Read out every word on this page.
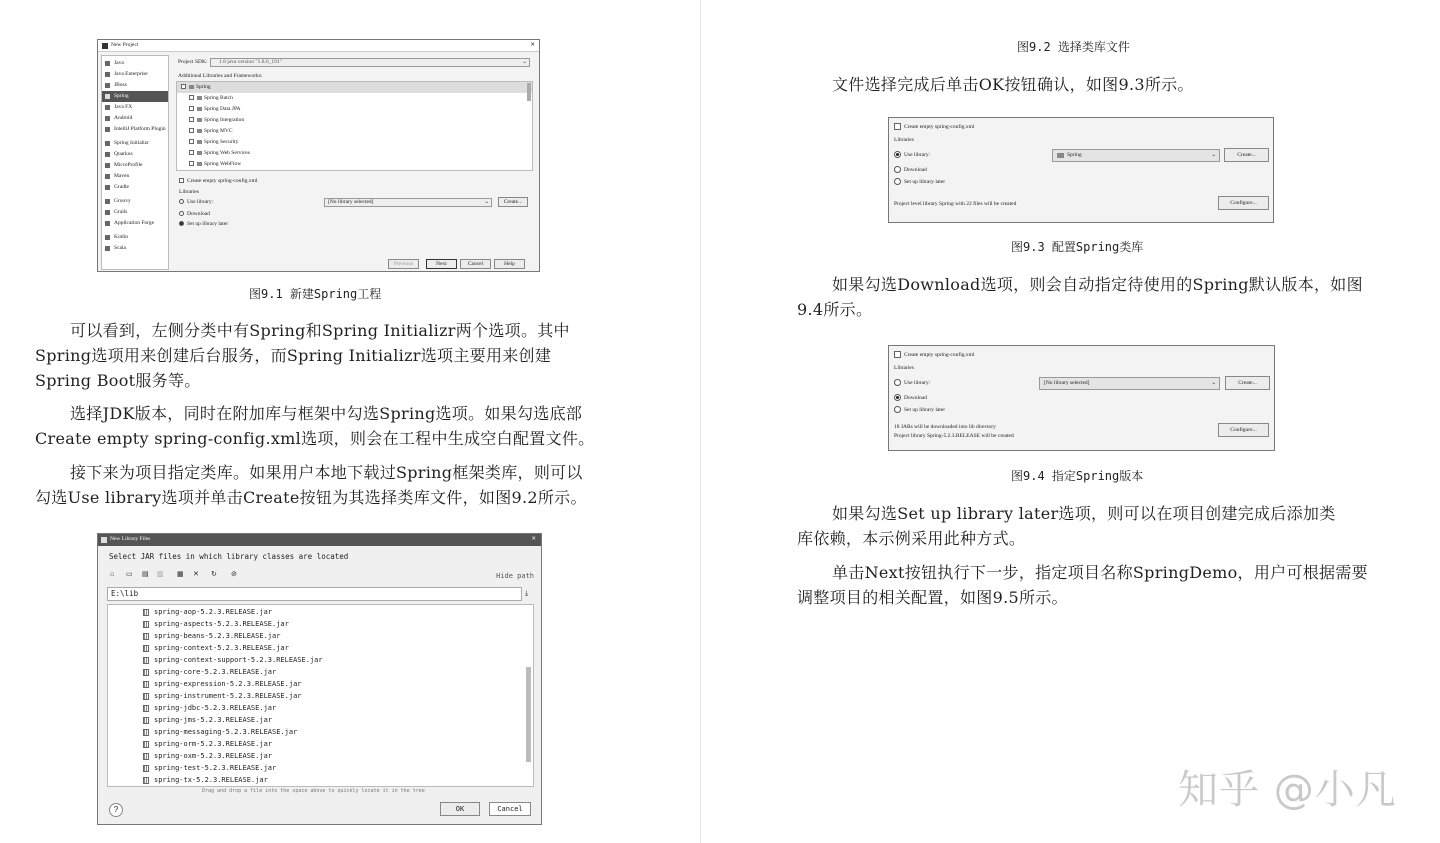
New Project	✕
Java
Java Enterprise
JBoss
Spring
Java FX
Android
IntelliJ Platform Plugin
Spring Initializr
Quarkus
MicroProfile
Maven
Gradle
Groovy
Grails
Application Forge
Kotlin
Scala
Project SDK: 1.8 java version "1.8.0_191"	⌄
Additional Libraries and Frameworks:
Spring
Spring Batch
Spring Data JPA
Spring Integration
Spring MVC
Spring Security
Spring Web Services
Spring WebFlow
Create empty spring-config.xml
Libraries
Use library:	[No library selected]	⌄	Create...
Download
Set up library later
Previous	Next	Cancel	Help
图9.1 新建Spring工程
可以看到，左侧分类中有Spring和Spring Initializr两个选项。其中
Spring选项用来创建后台服务，而Spring Initializr选项主要用来创建
Spring Boot服务等。
选择JDK版本，同时在附加库与框架中勾选Spring选项。如果勾选底部
Create empty spring-config.xml选项，则会在工程中生成空白配置文件。
接下来为项目指定类库。如果用户本地下载过Spring框架类库，则可以
勾选Use library选项并单击Create按钮为其选择类库文件，如图9.2所示。
New Library Files	✕
Select JAR files in which library classes are located
⌂ ▭ ▤ ▥ ▦ ✕ ↻ ⊘	Hide path
E:\lib	⤓
spring-aop-5.2.3.RELEASE.jar
spring-aspects-5.2.3.RELEASE.jar
spring-beans-5.2.3.RELEASE.jar
spring-context-5.2.3.RELEASE.jar
spring-context-support-5.2.3.RELEASE.jar
spring-core-5.2.3.RELEASE.jar
spring-expression-5.2.3.RELEASE.jar
spring-instrument-5.2.3.RELEASE.jar
spring-jdbc-5.2.3.RELEASE.jar
spring-jms-5.2.3.RELEASE.jar
spring-messaging-5.2.3.RELEASE.jar
spring-orm-5.2.3.RELEASE.jar
spring-oxm-5.2.3.RELEASE.jar
spring-test-5.2.3.RELEASE.jar
spring-tx-5.2.3.RELEASE.jar
Drag and drop a file into the space above to quickly locate it in the tree
?	OK	Cancel
图9.2 选择类库文件
文件选择完成后单击OK按钮确认，如图9.3所示。
Create empty spring-config.xml
Libraries
Use library:	Spring	⌄	Create...
Download
Set up library later
Project level library Spring with 22 files will be created	Configure...
图9.3 配置Spring类库
如果勾选Download选项，则会自动指定待使用的Spring默认版本，如图
9.4所示。
Create empty spring-config.xml
Libraries
Use library:	[No library selected]	⌄	Create...
Download
Set up library later
18 JARs will be downloaded into lib directory
Project library Spring-5.2.3.RELEASE will be created
Configure...
图9.4 指定Spring版本
如果勾选Set up library later选项，则可以在项目创建完成后添加类
库依赖，本示例采用此种方式。
单击Next按钮执行下一步，指定项目名称SpringDemo，用户可根据需要
调整项目的相关配置，如图9.5所示。
知乎 @小凡
